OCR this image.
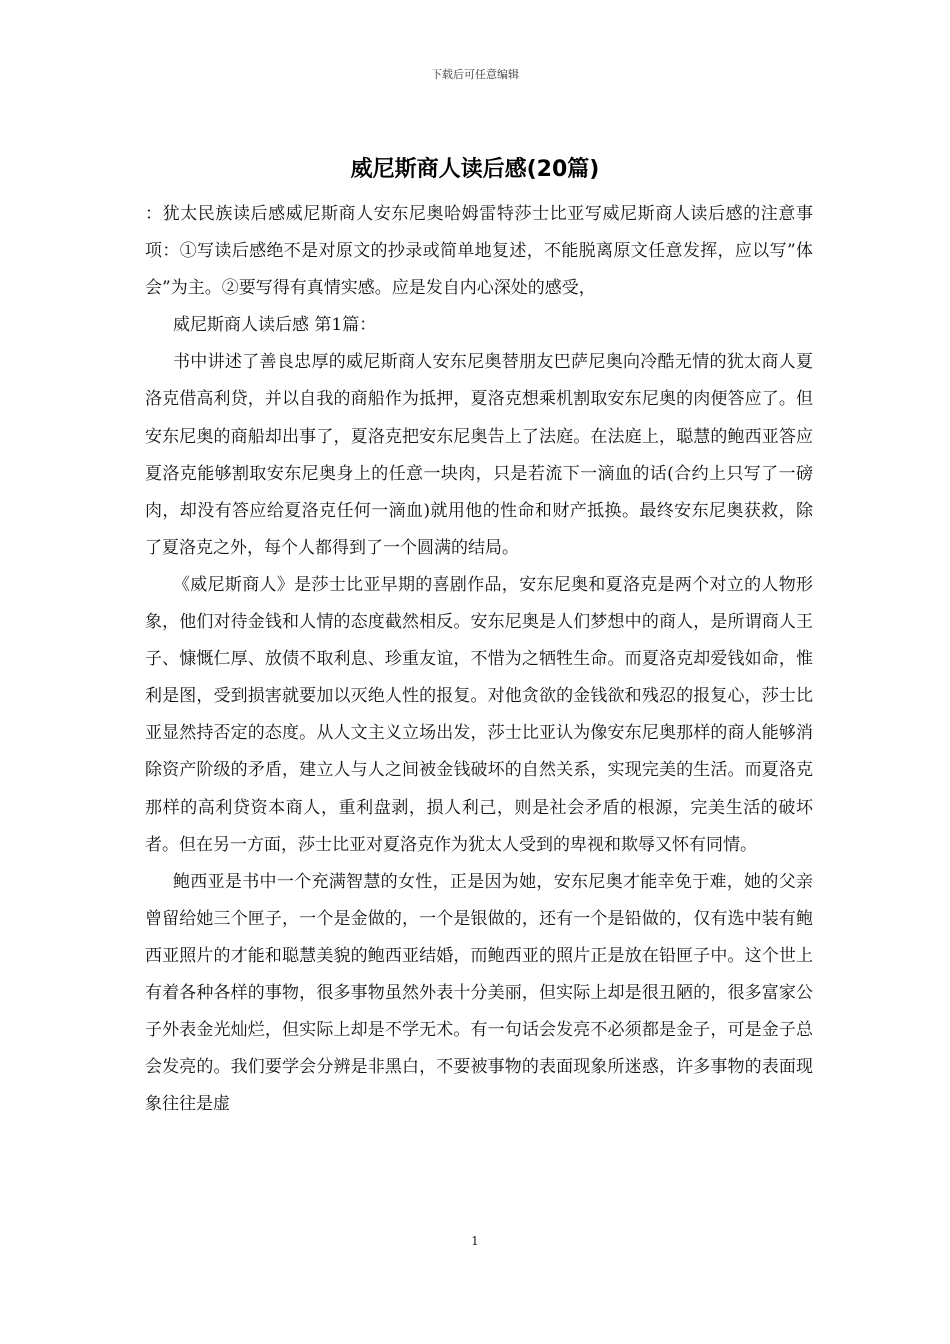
下载后可任意编辑
威尼斯商人读后感(20篇)

：犹太民族读后感威尼斯商人安东尼奥哈姆雷特莎士比亚写威尼斯商人读后感的注意事项：①写读后感绝不是对原文的抄录或简单地复述，不能脱离原文任意发挥，应以写”体会”为主。②要写得有真情实感。应是发自内心深处的感受，

威尼斯商人读后感 第1篇：

书中讲述了善良忠厚的威尼斯商人安东尼奥替朋友巴萨尼奥向冷酷无情的犹太商人夏洛克借高利贷，并以自我的商船作为抵押，夏洛克想乘机割取安东尼奥的肉便答应了。但安东尼奥的商船却出事了，夏洛克把安东尼奥告上了法庭。在法庭上，聪慧的鲍西亚答应夏洛克能够割取安东尼奥身上的任意一块肉，只是若流下一滴血的话(合约上只写了一磅肉，却没有答应给夏洛克任何一滴血)就用他的性命和财产抵换。最终安东尼奥获救，除了夏洛克之外，每个人都得到了一个圆满的结局。

《威尼斯商人》是莎士比亚早期的喜剧作品，安东尼奥和夏洛克是两个对立的人物形象，他们对待金钱和人情的态度截然相反。安东尼奥是人们梦想中的商人，是所谓商人王子、慷慨仁厚、放债不取利息、珍重友谊，不惜为之牺牲生命。而夏洛克却爱钱如命，惟利是图，受到损害就要加以灭绝人性的报复。对他贪欲的金钱欲和残忍的报复心，莎士比亚显然持否定的态度。从人文主义立场出发，莎士比亚认为像安东尼奥那样的商人能够消除资产阶级的矛盾，建立人与人之间被金钱破坏的自然关系，实现完美的生活。而夏洛克那样的高利贷资本商人，重利盘剥，损人利己，则是社会矛盾的根源，完美生活的破坏者。但在另一方面，莎士比亚对夏洛克作为犹太人受到的卑视和欺辱又怀有同情。

鲍西亚是书中一个充满智慧的女性，正是因为她，安东尼奥才能幸免于难，她的父亲曾留给她三个匣子，一个是金做的，一个是银做的，还有一个是铅做的，仅有选中装有鲍西亚照片的才能和聪慧美貌的鲍西亚结婚，而鲍西亚的照片正是放在铅匣子中。这个世上有着各种各样的事物，很多事物虽然外表十分美丽，但实际上却是很丑陋的，很多富家公子外表金光灿烂，但实际上却是不学无术。有一句话会发亮不必须都是金子，可是金子总会发亮的。我们要学会分辨是非黑白，不要被事物的表面现象所迷惑，许多事物的表面现象往往是虚

1
